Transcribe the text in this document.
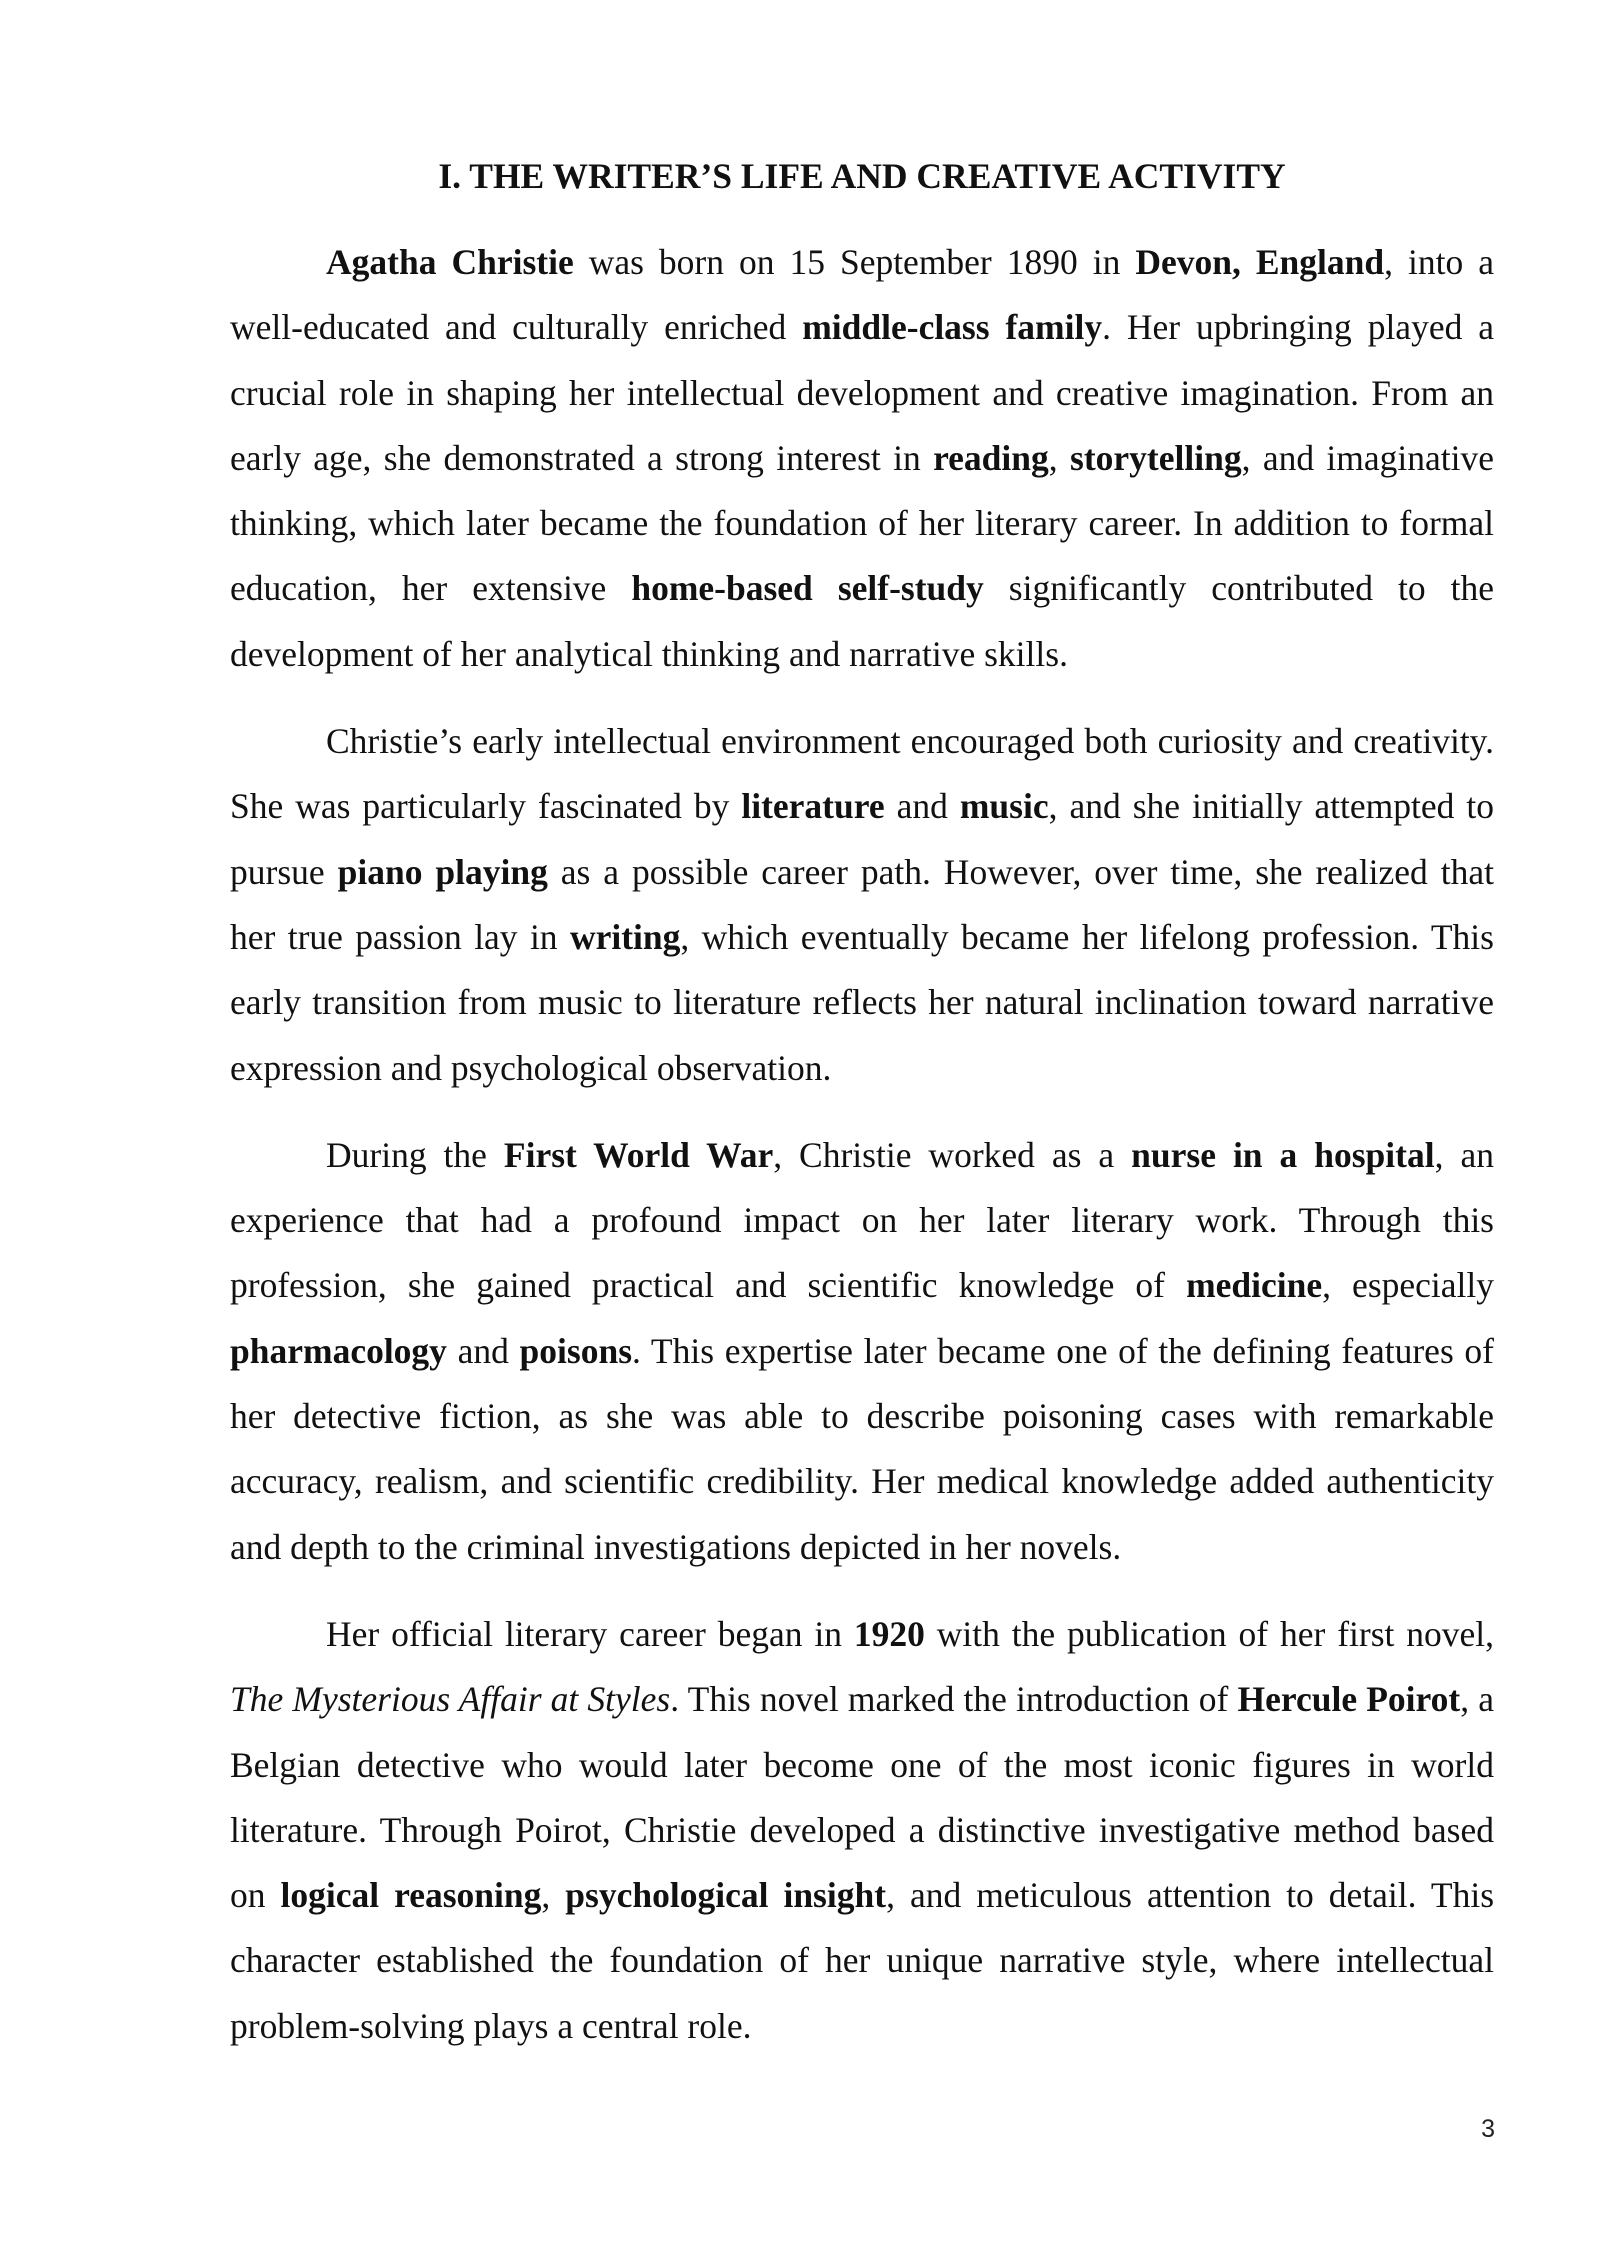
I. THE WRITER’S LIFE AND CREATIVE ACTIVITY

Agatha Christie was born on 15 September 1890 in Devon, England, into a well-educated and culturally enriched middle-class family. Her upbringing played a crucial role in shaping her intellectual development and creative imagination. From an early age, she demonstrated a strong interest in reading, storytelling, and imaginative thinking, which later became the foundation of her literary career. In addition to formal education, her extensive home-based self-study significantly contributed to the development of her analytical thinking and narrative skills.

Christie’s early intellectual environment encouraged both curiosity and creativity. She was particularly fascinated by literature and music, and she initially attempted to pursue piano playing as a possible career path. However, over time, she realized that her true passion lay in writing, which eventually became her lifelong profession. This early transition from music to literature reflects her natural inclination toward narrative expression and psychological observation.

During the First World War, Christie worked as a nurse in a hospital, an experience that had a profound impact on her later literary work. Through this profession, she gained practical and scientific knowledge of medicine, especially pharmacology and poisons. This expertise later became one of the defining features of her detective fiction, as she was able to describe poisoning cases with remarkable accuracy, realism, and scientific credibility. Her medical knowledge added authenticity and depth to the criminal investigations depicted in her novels.

Her official literary career began in 1920 with the publication of her first novel, The Mysterious Affair at Styles. This novel marked the introduction of Hercule Poirot, a Belgian detective who would later become one of the most iconic figures in world literature. Through Poirot, Christie developed a distinctive investigative method based on logical reasoning, psychological insight, and meticulous attention to detail. This character established the foundation of her unique narrative style, where intellectual problem-solving plays a central role.

3
